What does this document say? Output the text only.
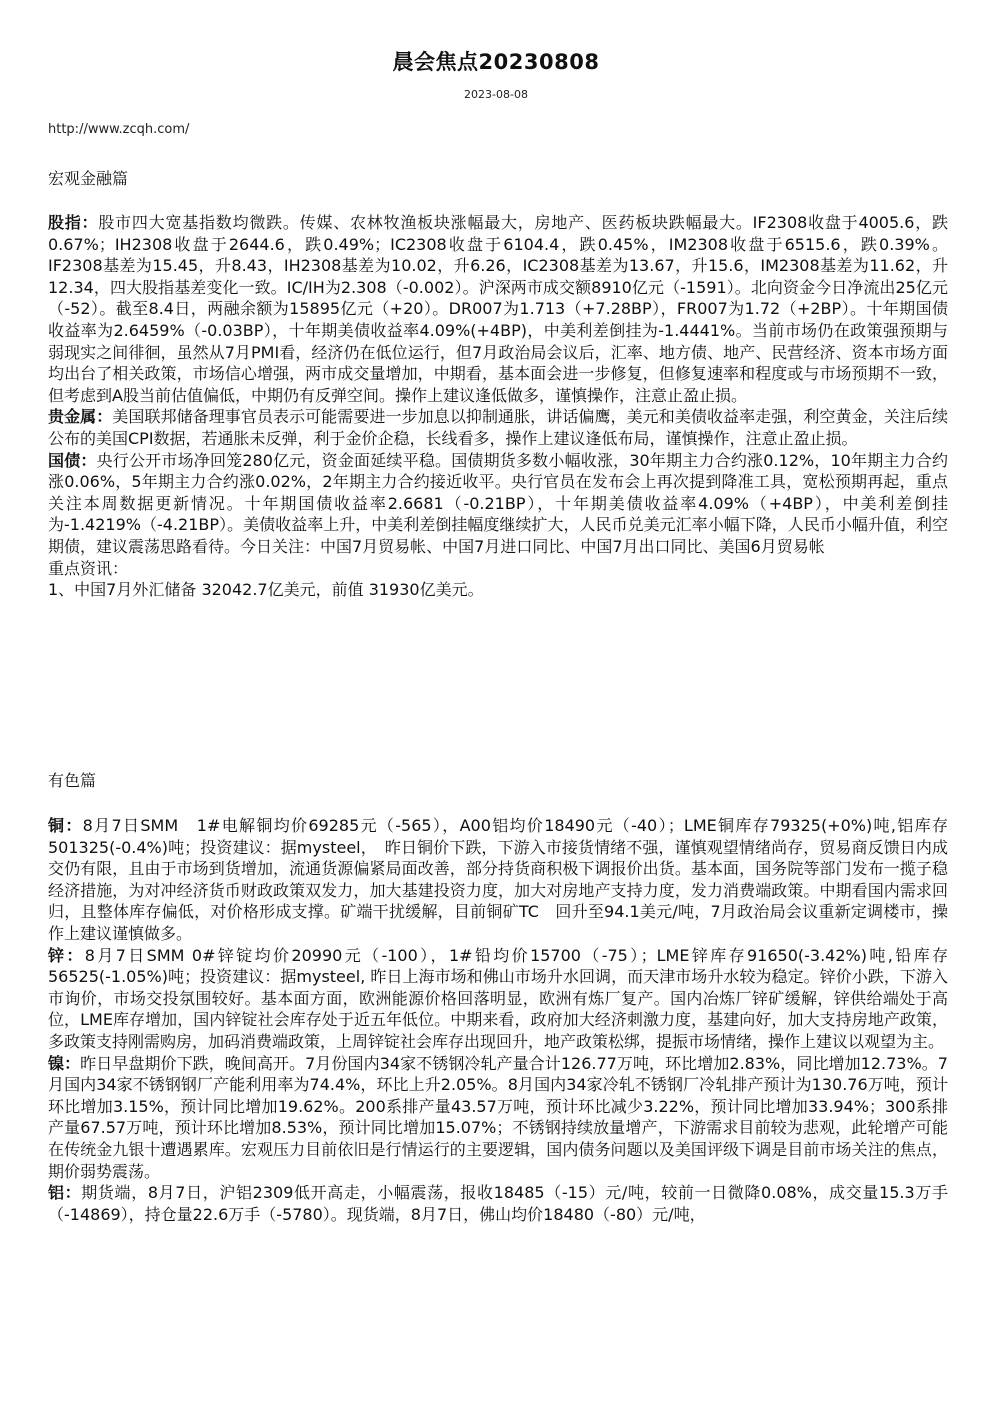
晨会焦点20230808
2023-08-08
http://www.zcqh.com/
宏观金融篇

股指：股市四大宽基指数均微跌。传媒、农林牧渔板块涨幅最大，房地产、医药板块跌幅最大。IF2308收盘于4005.6，跌0.67%；IH2308收盘于2644.6，跌0.49%；IC2308收盘于6104.4，跌0.45%，IM2308收盘于6515.6，跌0.39%。IF2308基差为15.45，升8.43，IH2308基差为10.02，升6.26，IC2308基差为13.67，升15.6，IM2308基差为11.62，升12.34，四大股指基差变化一致。IC/IH为2.308（-0.002）。沪深两市成交额8910亿元（-1591）。北向资金今日净流出25亿元（-52）。截至8.4日，两融余额为15895亿元（+20）。DR007为1.713（+7.28BP），FR007为1.72（+2BP）。十年期国债收益率为2.6459%（-0.03BP），十年期美债收益率4.09%(+4BP)，中美利差倒挂为-1.4441%。当前市场仍在政策强预期与弱现实之间徘徊，虽然从7月PMI看，经济仍在低位运行，但7月政治局会议后，汇率、地方债、地产、民营经济、资本市场方面均出台了相关政策，市场信心增强，两市成交量增加，中期看，基本面会进一步修复，但修复速率和程度或与市场预期不一致，但考虑到A股当前估值偏低，中期仍有反弹空间。操作上建议逢低做多，谨慎操作，注意止盈止损。

贵金属：美国联邦储备理事官员表示可能需要进一步加息以抑制通胀，讲话偏鹰，美元和美债收益率走强，利空黄金，关注后续公布的美国CPI数据，若通胀未反弹，利于金价企稳，长线看多，操作上建议逢低布局，谨慎操作，注意止盈止损。

国债：央行公开市场净回笼280亿元，资金面延续平稳。国债期货多数小幅收涨，30年期主力合约涨0.12%，10年期主力合约涨0.06%，5年期主力合约涨0.02%，2年期主力合约接近收平。央行官员在发布会上再次提到降准工具，宽松预期再起，重点关注本周数据更新情况。十年期国债收益率2.6681（-0.21BP），十年期美债收益率4.09%（+4BP），中美利差倒挂为-1.4219%（-4.21BP）。美债收益率上升，中美利差倒挂幅度继续扩大，人民币兑美元汇率小幅下降，人民币小幅升值，利空期债，建议震荡思路看待。今日关注：中国7月贸易帐、中国7月进口同比、中国7月出口同比、美国6月贸易帐

重点资讯：

1、中国7月外汇储备 32042.7亿美元，前值 31930亿美元。

有色篇

铜：8月7日SMM　1#电解铜均价69285元（-565），A00铝均价18490元（-40）；LME铜库存79325(+0%)吨,铝库存501325(-0.4%)吨；投资建议：据mysteel，　昨日铜价下跌，下游入市接货情绪不强，谨慎观望情绪尚存，贸易商反馈日内成交仍有限，且由于市场到货增加，流通货源偏紧局面改善，部分持货商积极下调报价出货。基本面，国务院等部门发布一揽子稳经济措施，为对冲经济货币财政政策双发力，加大基建投资力度，加大对房地产支持力度，发力消费端政策。中期看国内需求回归，且整体库存偏低，对价格形成支撑。矿端干扰缓解，目前铜矿TC　回升至94.1美元/吨，7月政治局会议重新定调楼市，操作上建议谨慎做多。

锌：8月7日SMM 0#锌锭均价20990元（-100），1#铅均价15700（-75）；LME锌库存91650(-3.42%)吨,铅库存56525(-1.05%)吨；投资建议：据mysteel, 昨日上海市场和佛山市场升水回调，而天津市场升水较为稳定。锌价小跌，下游入市询价，市场交投氛围较好。基本面方面，欧洲能源价格回落明显，欧洲有炼厂复产。国内冶炼厂锌矿缓解，锌供给端处于高位，LME库存增加，国内锌锭社会库存处于近五年低位。中期来看，政府加大经济刺激力度，基建向好，加大支持房地产政策，多政策支持刚需购房，加码消费端政策，上周锌锭社会库存出现回升，地产政策松绑，提振市场情绪，操作上建议以观望为主。

镍：昨日早盘期价下跌，晚间高开。7月份国内34家不锈钢冷轧产量合计126.77万吨，环比增加2.83%，同比增加12.73%。7月国内34家不锈钢钢厂产能利用率为74.4%，环比上升2.05%。8月国内34家冷轧不锈钢厂冷轧排产预计为130.76万吨，预计环比增加3.15%，预计同比增加19.62%。200系排产量43.57万吨，预计环比减少3.22%，预计同比增加33.94%；300系排产量67.57万吨，预计环比增加8.53%，预计同比增加15.07%；不锈钢持续放量增产，下游需求目前较为悲观，此轮增产可能在传统金九银十遭遇累库。宏观压力目前依旧是行情运行的主要逻辑，国内债务问题以及美国评级下调是目前市场关注的焦点，期价弱势震荡。

铝：期货端，8月7日，沪铝2309低开高走，小幅震荡，报收18485（-15）元/吨，较前一日微降0.08%，成交量15.3万手（-14869），持仓量22.6万手（-5780）。现货端，8月7日，佛山均价18480（-80）元/吨，
